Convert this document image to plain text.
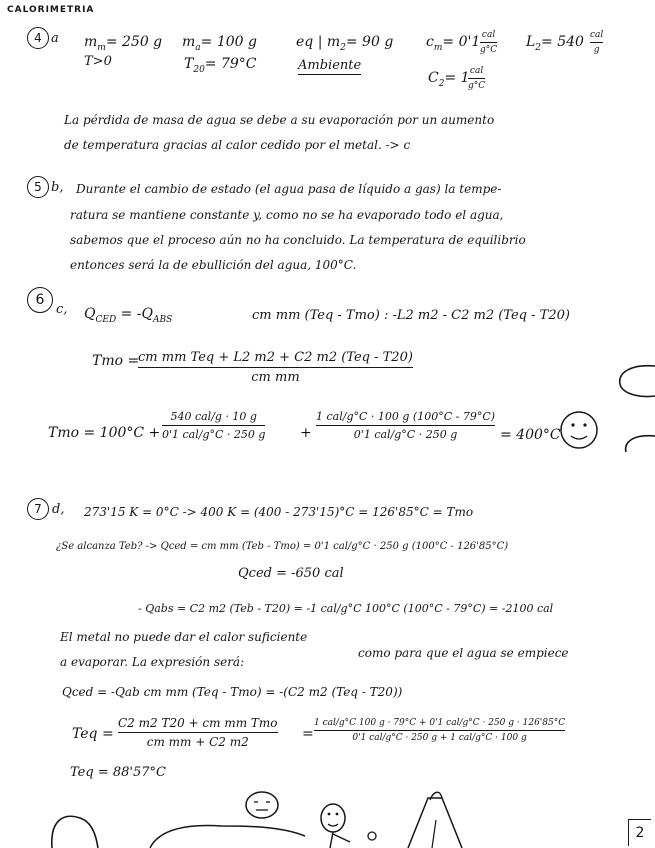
CALORIMETRIA
4 a $m_m= 250$ g
T>0
$m_a= 100$ g
$T_{20}= 79^\circ C$
eq | $m_2= 90$ g
Ambiente
$c_m= 0'1$ cal
g°C $L_2= 540$ cal
g
$C_2= 1$ cal
g°C
La pérdida de masa de agua se debe a su evaporación por un aumento
de temperatura gracias al calor cedido por el metal. -> c
5 b, Durante el cambio de estado (el agua pasa de líquido a gas) la tempe-
ratura se mantiene constante y, como no se ha evaporado todo el agua,
sabemos que el proceso aún no ha concluido. La temperatura de equilibrio
entonces será la de ebullición del agua, 100°C.
6
c, $Q_{CED} = -Q_{ABS}$	cm mm (Teq - Tmo) : -L2 m2 - C2 m2 (Teq - T20)
Tmo =
cm mm Teq + L2 m2 + C2 m2 (Teq - T20)
cm mm
Tmo = 100°C +
540 cal/g · 10 g
0'1 cal/g°C · 250 g +
1 cal/g°C · 100 g (100°C - 79°C)
0'1 cal/g°C · 250 g	= 400°C
7 d, 273'15 K = 0°C -> 400 K = (400 - 273'15)°C = 126'85°C = Tmo
¿Se alcanza Teb? -> Qced = cm mm (Teb - Tmo) = 0'1 cal/g°C · 250 g (100°C - 126'85°C)
Qced = -650 cal
- Qabs = C2 m2 (Teb - T20) = -1 cal/g°C 100°C (100°C - 79°C) = -2100 cal
El metal no puede dar el calor suficiente
como para que el agua se empiece
a evaporar. La expresión será:
Qced = -Qab cm mm (Teq - Tmo) = -(C2 m2 (Teq - T20))
Teq =
C2 m2 T20 + cm mm Tmo
cm mm + C2 m2	=
1 cal/g°C 100 g · 79°C + 0'1 cal/g°C · 250 g · 126'85°C
0'1 cal/g°C · 250 g + 1 cal/g°C · 100 g
Teq = 88'57°C
2
